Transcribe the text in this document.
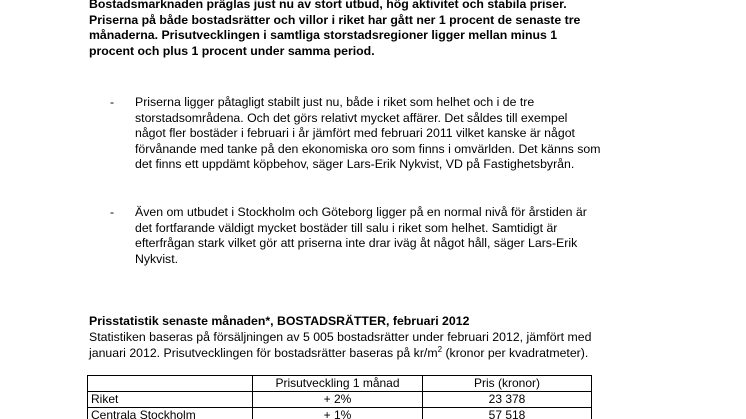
Bostadsmarknaden präglas just nu av stort utbud, hög aktivitet och stabila priser.
Priserna på både bostadsrätter och villor i riket har gått ner 1 procent de senaste tre
månaderna. Prisutvecklingen i samtliga storstadsregioner ligger mellan minus 1
procent och plus 1 procent under samma period.
- Priserna ligger påtagligt stabilt just nu, både i riket som helhet och i de tre
storstadsområdena. Och det görs relativt mycket affärer. Det såldes till exempel
något fler bostäder i februari i år jämfört med februari 2011 vilket kanske är något
förvånande med tanke på den ekonomiska oro som finns i omvärlden. Det känns som
det finns ett uppdämt köpbehov, säger Lars-Erik Nykvist, VD på Fastighetsbyrån.
- Även om utbudet i Stockholm och Göteborg ligger på en normal nivå för årstiden är
det fortfarande väldigt mycket bostäder till salu i riket som helhet. Samtidigt är
efterfrågan stark vilket gör att priserna inte drar iväg åt något håll, säger Lars-Erik
Nykvist.
Prisstatistik senaste månaden*, BOSTADSRÄTTER, februari 2012
Statistiken baseras på försäljningen av 5 005 bostadsrätter under februari 2012, jämfört med
januari 2012. Prisutvecklingen för bostadsrätter baseras på $kr/m^2$ (kronor per kvadratmeter).
	Prisutveckling 1 månad	Pris (kronor)
Riket	+ 2%	23 378
Centrala Stockholm	+ 1%	57 518
